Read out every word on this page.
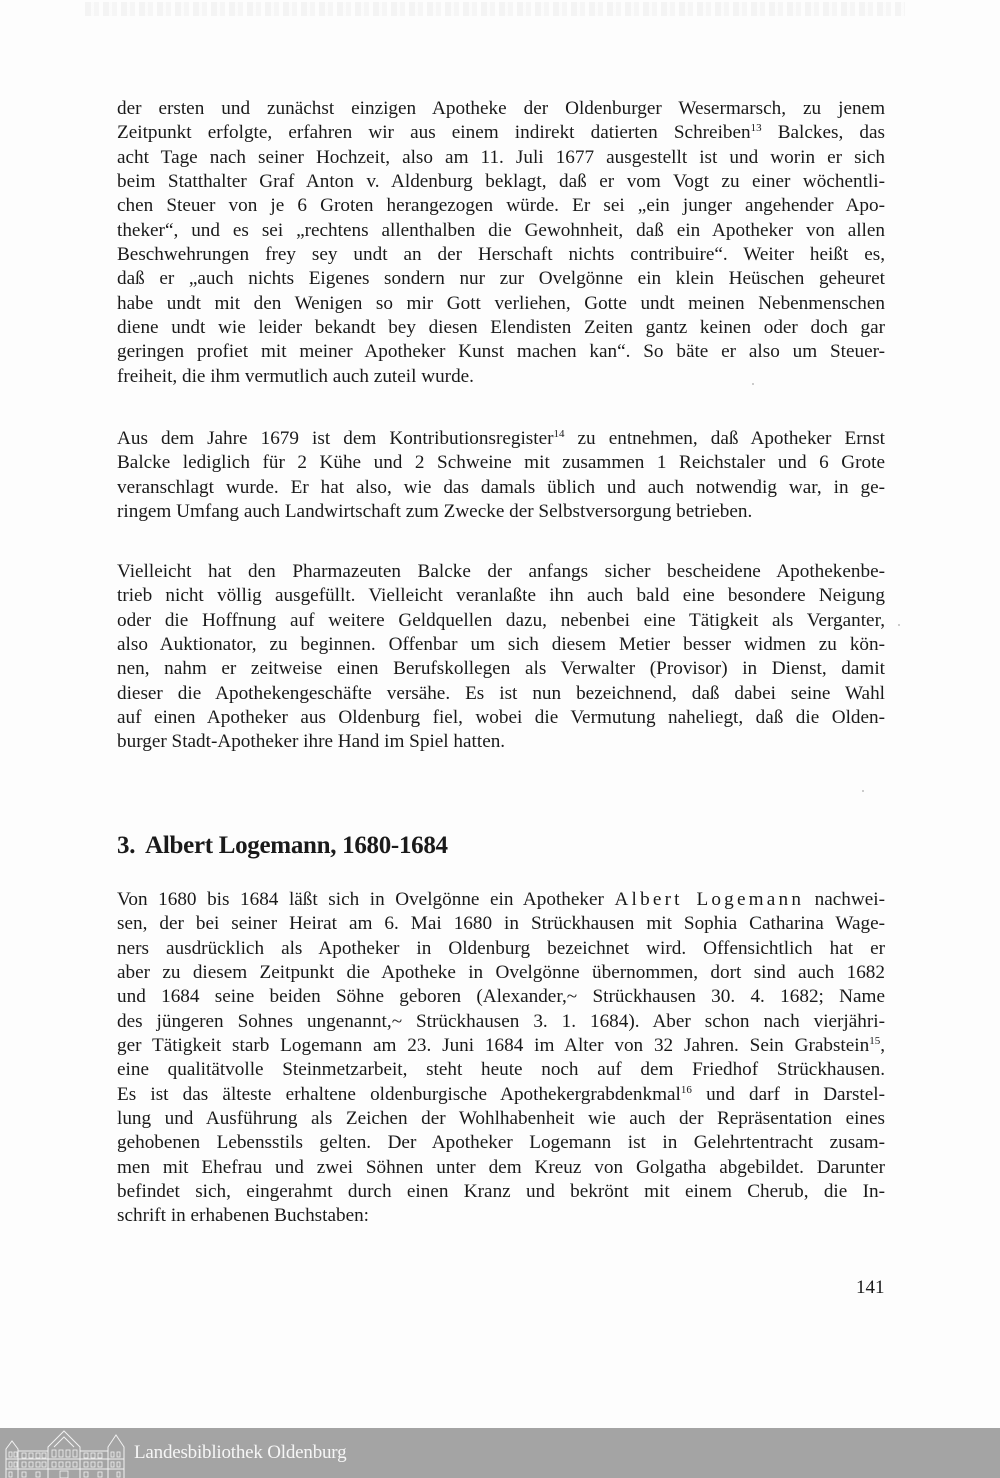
der ersten und zunächst einzigen Apotheke der Oldenburger Wesermarsch, zu jenem
Zeitpunkt erfolgte, erfahren wir aus einem indirekt datierten Schreiben$^{13}$ Balckes, das
acht Tage nach seiner Hochzeit, also am 11. Juli 1677 ausgestellt ist und worin er sich
beim Statthalter Graf Anton v. Aldenburg beklagt, daß er vom Vogt zu einer wöchentli-
chen Steuer von je 6 Groten herangezogen würde. Er sei „ein junger angehender Apo-
theker“, und es sei „rechtens allenthalben die Gewohnheit, daß ein Apotheker von allen
Beschwehrungen frey sey undt an der Herschaft nichts contribuire“. Weiter heißt es,
daß er „auch nichts Eigenes sondern nur zur Ovelgönne ein klein Heüschen geheuret
habe undt mit den Wenigen so mir Gott verliehen, Gotte undt meinen Nebenmenschen
diene undt wie leider bekandt bey diesen Elendisten Zeiten gantz keinen oder doch gar
geringen profiet mit meiner Apotheker Kunst machen kan“. So bäte er also um Steuer-
freiheit, die ihm vermutlich auch zuteil wurde.
Aus dem Jahre 1679 ist dem Kontributionsregister$^{14}$ zu entnehmen, daß Apotheker Ernst
Balcke lediglich für 2 Kühe und 2 Schweine mit zusammen 1 Reichstaler und 6 Grote
veranschlagt wurde. Er hat also, wie das damals üblich und auch notwendig war, in ge-
ringem Umfang auch Landwirtschaft zum Zwecke der Selbstversorgung betrieben.
Vielleicht hat den Pharmazeuten Balcke der anfangs sicher bescheidene Apothekenbe-
trieb nicht völlig ausgefüllt. Vielleicht veranlaßte ihn auch bald eine besondere Neigung
oder die Hoffnung auf weitere Geldquellen dazu, nebenbei eine Tätigkeit als Verganter,
also Auktionator, zu beginnen. Offenbar um sich diesem Metier besser widmen zu kön-
nen, nahm er zeitweise einen Berufskollegen als Verwalter (Provisor) in Dienst, damit
dieser die Apothekengeschäfte versähe. Es ist nun bezeichnend, daß dabei seine Wahl
auf einen Apotheker aus Oldenburg fiel, wobei die Vermutung naheliegt, daß die Olden-
burger Stadt-Apotheker ihre Hand im Spiel hatten.
3. Albert Logemann, 1680-1684
Von 1680 bis 1684 läßt sich in Ovelgönne ein Apotheker Albert Logemann nachwei-
sen, der bei seiner Heirat am 6. Mai 1680 in Strückhausen mit Sophia Catharina Wage-
ners ausdrücklich als Apotheker in Oldenburg bezeichnet wird. Offensichtlich hat er
aber zu diesem Zeitpunkt die Apotheke in Ovelgönne übernommen, dort sind auch 1682
und 1684 seine beiden Söhne geboren (Alexander,~ Strückhausen 30. 4. 1682; Name
des jüngeren Sohnes ungenannt,~ Strückhausen 3. 1. 1684). Aber schon nach vierjähri-
ger Tätigkeit starb Logemann am 23. Juni 1684 im Alter von 32 Jahren. Sein Grabstein$^{15}$,
eine qualitätvolle Steinmetzarbeit, steht heute noch auf dem Friedhof Strückhausen.
Es ist das älteste erhaltene oldenburgische Apothekergrabdenkmal$^{16}$ und darf in Darstel-
lung und Ausführung als Zeichen der Wohlhabenheit wie auch der Repräsentation eines
gehobenen Lebensstils gelten. Der Apotheker Logemann ist in Gelehrtentracht zusam-
men mit Ehefrau und zwei Söhnen unter dem Kreuz von Golgatha abgebildet. Darunter
befindet sich, eingerahmt durch einen Kranz und bekrönt mit einem Cherub, die In-
schrift in erhabenen Buchstaben:
141
Landesbibliothek Oldenburg
